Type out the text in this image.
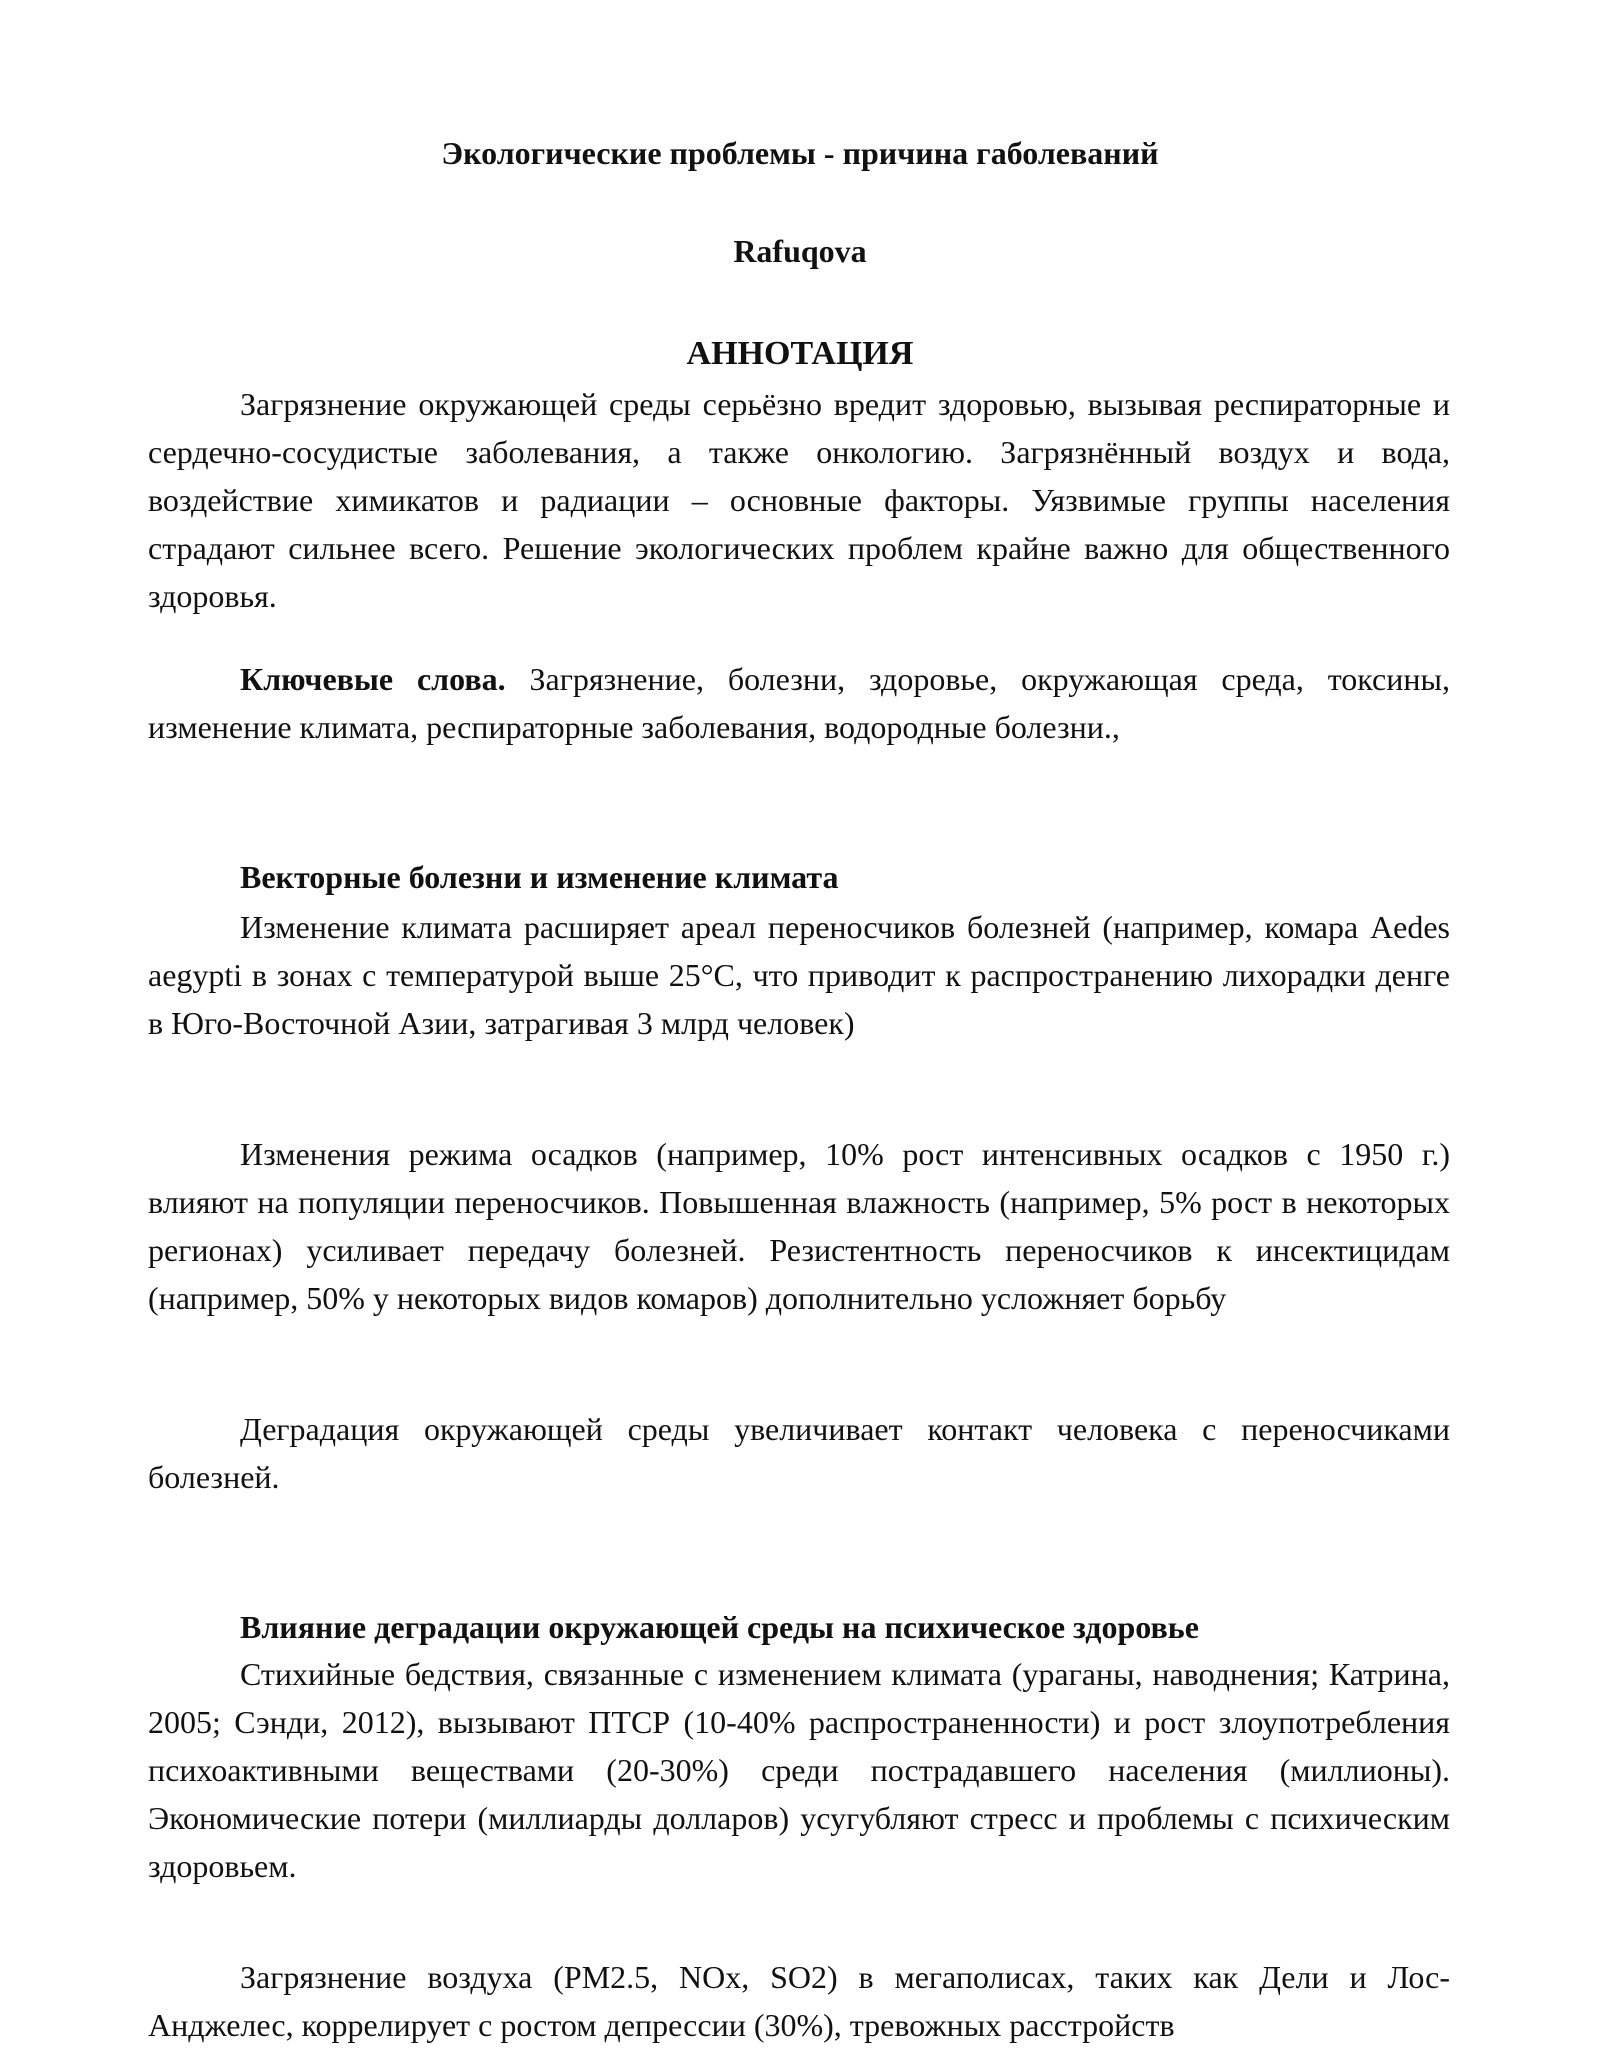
Экологические проблемы - причина габолеваний

Rafuqova

АННОТАЦИЯ

Загрязнение окружающей среды серьёзно вредит здоровью, вызывая респираторные и сердечно-сосудистые заболевания, а также онкологию. Загрязнённый воздух и вода, воздействие химикатов и радиации – основные факторы. Уязвимые группы населения страдают сильнее всего. Решение экологических проблем крайне важно для общественного здоровья.

Ключевые слова. Загрязнение, болезни, здоровье, окружающая среда, токсины, изменение климата, респираторные заболевания, водородные болезни.,

Векторные болезни и изменение климата

Изменение климата расширяет ареал переносчиков болезней (например, комара Aedes aegypti в зонах с температурой выше 25°C, что приводит к распространению лихорадки денге в Юго-Восточной Азии, затрагивая 3 млрд человек)

Изменения режима осадков (например, 10% рост интенсивных осадков с 1950 г.) влияют на популяции переносчиков. Повышенная влажность (например, 5% рост в некоторых регионах) усиливает передачу болезней. Резистентность переносчиков к инсектицидам (например, 50% у некоторых видов комаров) дополнительно усложняет борьбу

Деградация окружающей среды увеличивает контакт человека с переносчиками болезней.

Влияние деградации окружающей среды на психическое здоровье

Стихийные бедствия, связанные с изменением климата (ураганы, наводнения; Катрина, 2005; Сэнди, 2012), вызывают ПТСР (10-40% распространенности) и рост злоупотребления психоактивными веществами (20-30%) среди пострадавшего населения (миллионы). Экономические потери (миллиарды долларов) усугубляют стресс и проблемы с психическим здоровьем.

Загрязнение воздуха (PM2.5, NOx, SO2) в мегаполисах, таких как Дели и Лос-Анджелес, коррелирует с ростом депрессии (30%), тревожных расстройств
